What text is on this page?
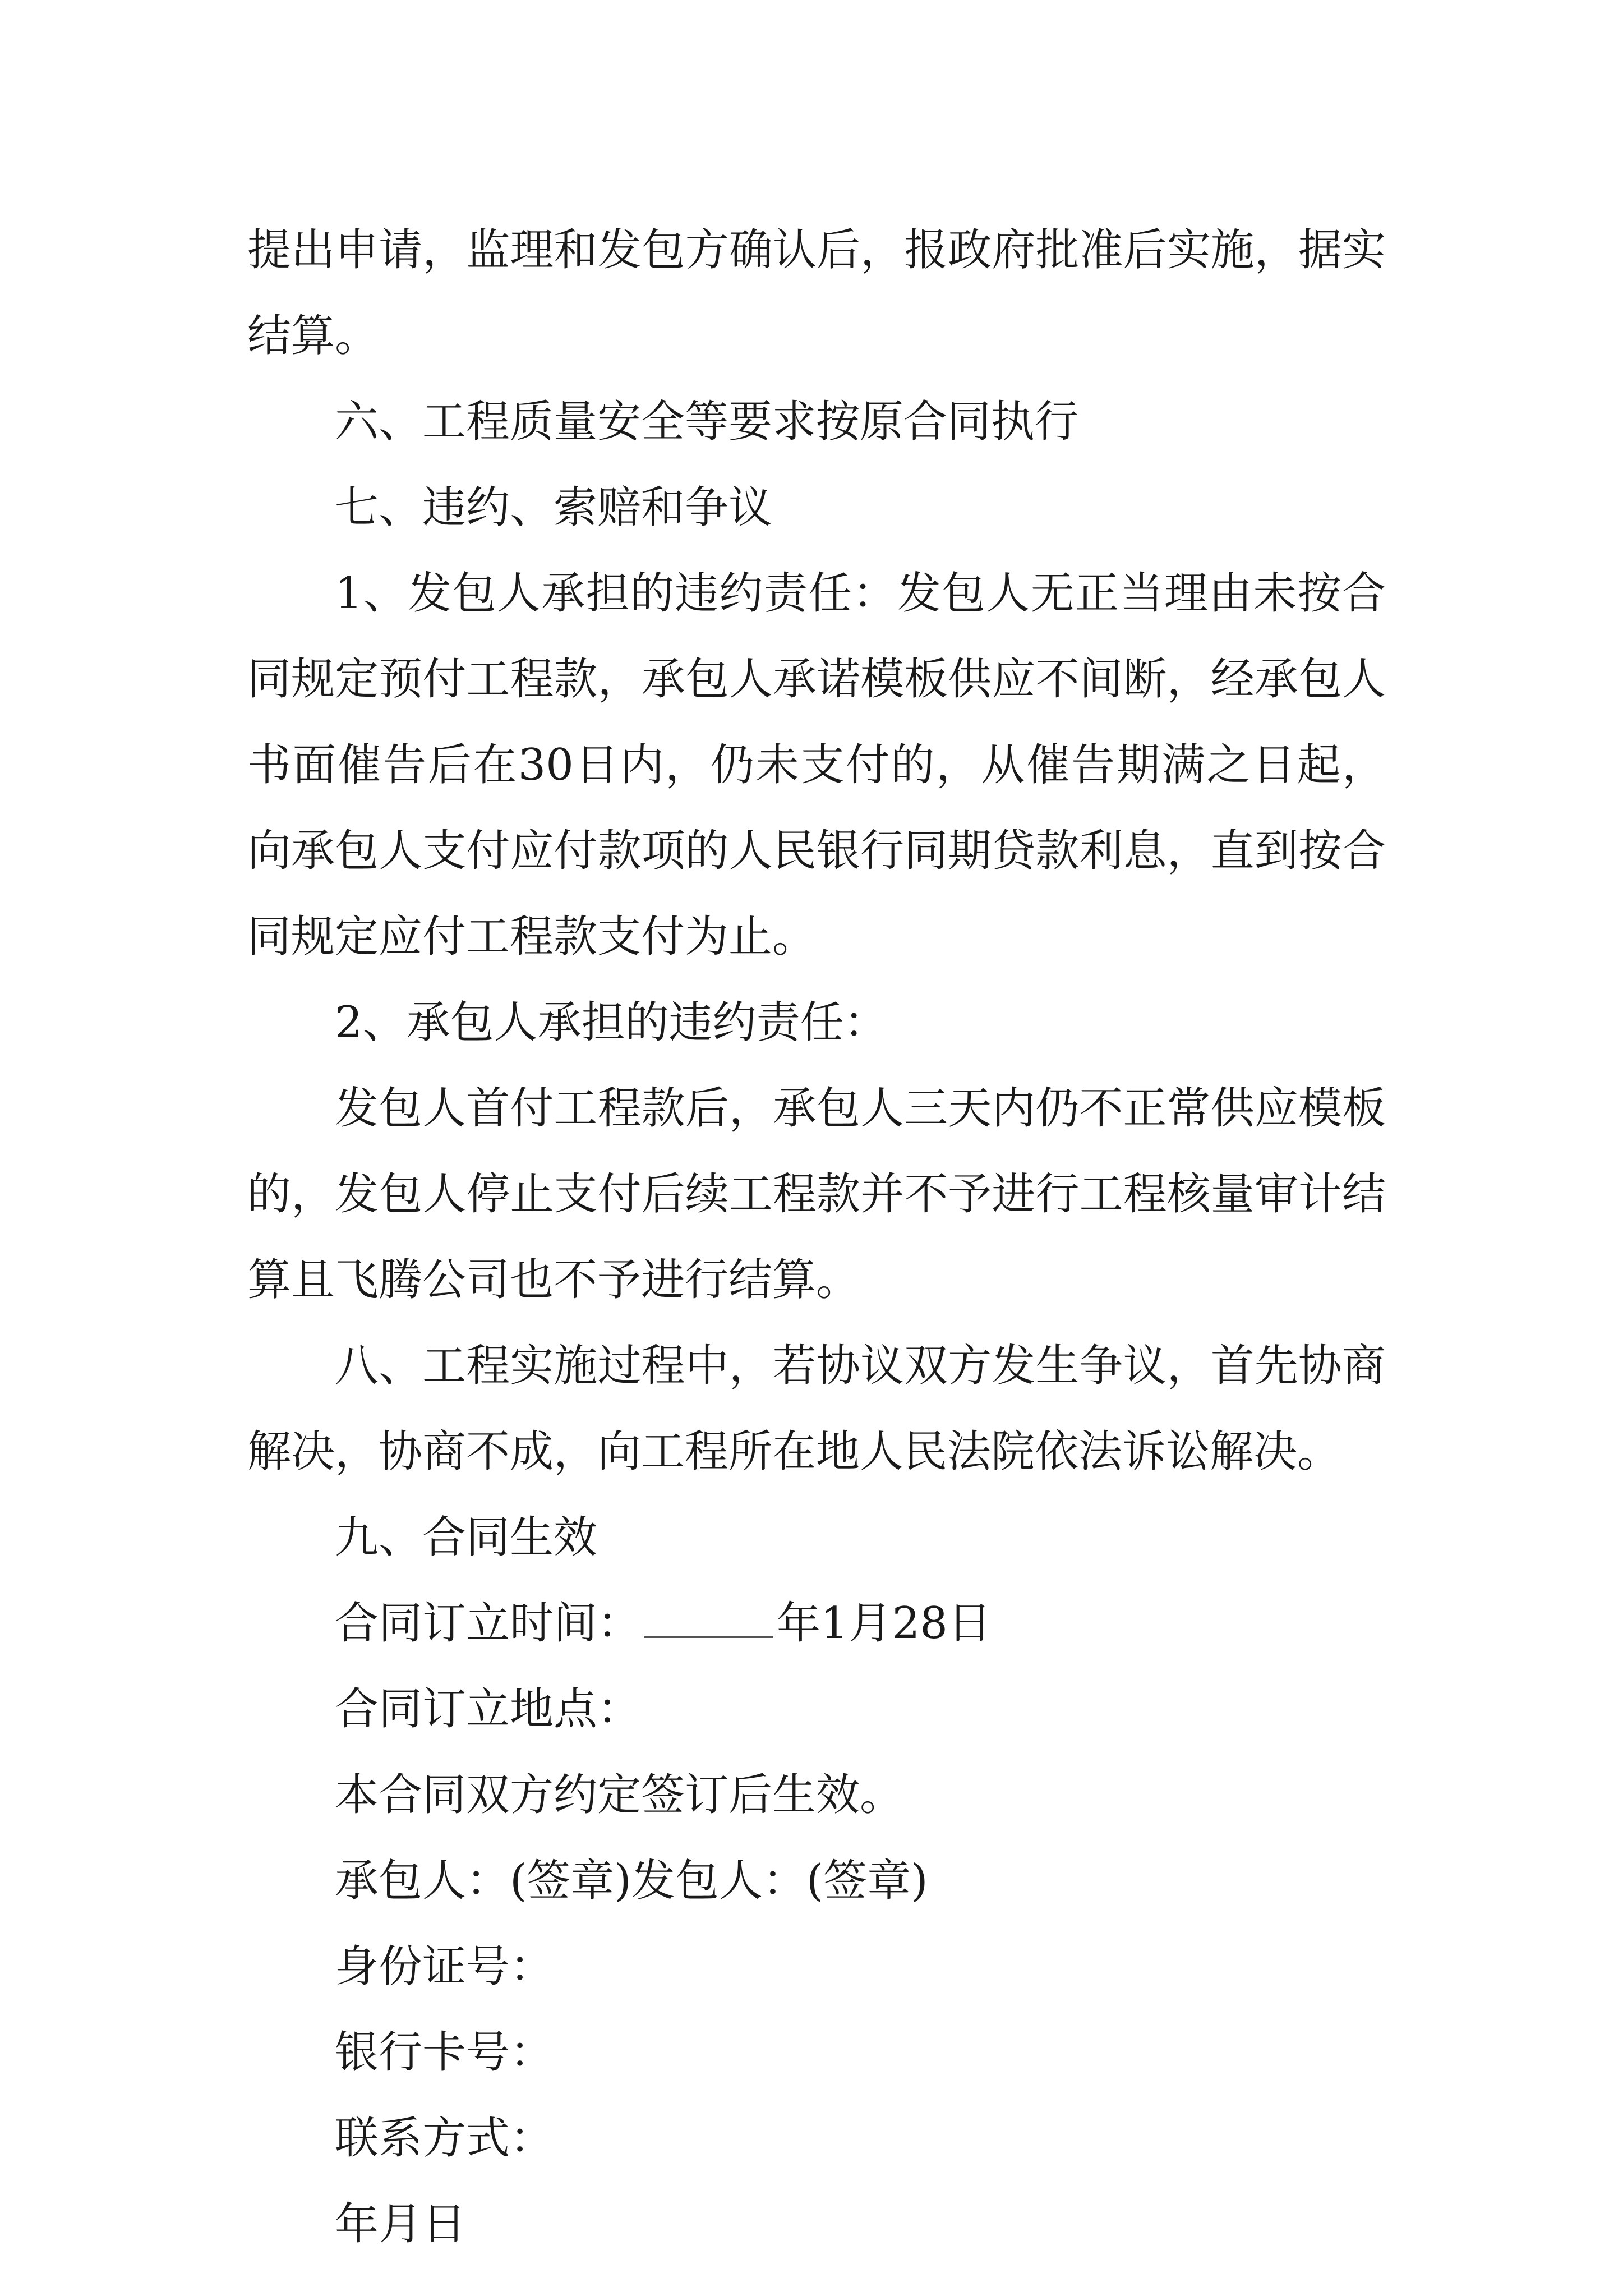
提出申请，监理和发包方确认后，报政府批准后实施，据实
结算。
六、工程质量安全等要求按原合同执行
七、违约、索赔和争议
1、发包人承担的违约责任：发包人无正当理由未按合
同规定预付工程款，承包人承诺模板供应不间断，经承包人
书面催告后在30日内，仍未支付的，从催告期满之日起，
向承包人支付应付款项的人民银行同期贷款利息，直到按合
同规定应付工程款支付为止。
2、承包人承担的违约责任：
发包人首付工程款后，承包人三天内仍不正常供应模板
的，发包人停止支付后续工程款并不予进行工程核量审计结
算且飞腾公司也不予进行结算。
八、工程实施过程中，若协议双方发生争议，首先协商
解决，协商不成，向工程所在地人民法院依法诉讼解决。
九、合同生效
合同订立时间：	年1月28日
合同订立地点：
本合同双方约定签订后生效。
承包人：(签章)发包人：(签章)
身份证号：
银行卡号：
联系方式：
年月日
